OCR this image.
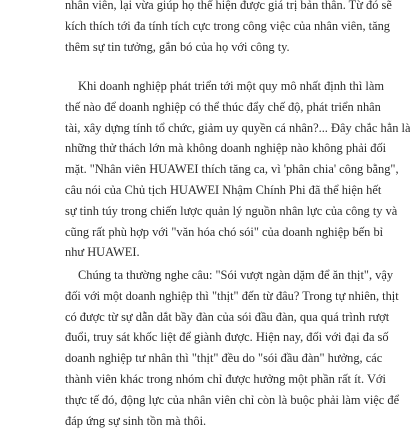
nhân viên, lại vừa giúp họ thể hiện được giá trị bản thân. Từ đó sẽ
kích thích tới đa tính tích cực trong công việc của nhân viên, tăng
thêm sự tin tưởng, gắn bó của họ với công ty.
Khi doanh nghiệp phát triển tới một quy mô nhất định thì làm
thế nào để doanh nghiệp có thể thúc đẩy chế độ, phát triển nhân
tài, xây dựng tính tổ chức, giảm uy quyền cá nhân?... Đây chắc hẳn là
những thử thách lớn mà không doanh nghiệp nào không phải đối
mặt. "Nhân viên HUAWEI thích tăng ca, vì 'phân chia' công bằng",
câu nói của Chủ tịch HUAWEI Nhậm Chính Phi đã thể hiện hết
sự tinh túy trong chiến lược quản lý nguồn nhân lực của công ty và
cũng rất phù hợp với "văn hóa chó sói" của doanh nghiệp bến bỉ
như HUAWEI.
Chúng ta thường nghe câu: "Sói vượt ngàn dặm để ăn thịt", vậy
đối với một doanh nghiệp thì "thịt" đến từ đâu? Trong tự nhiên, thịt
có được từ sự dẫn dắt bầy đàn của sói đầu đàn, qua quá trình rượt
đuổi, truy sát khốc liệt để giành được. Hiện nay, đối với đại đa số
doanh nghiệp tư nhân thì "thịt" đều do "sói đầu đàn" hưởng, các
thành viên khác trong nhóm chỉ được hưởng một phần rất ít. Với
thực tế đó, động lực của nhân viên chỉ còn là buộc phải làm việc để
đáp ứng sự sinh tồn mà thôi.
